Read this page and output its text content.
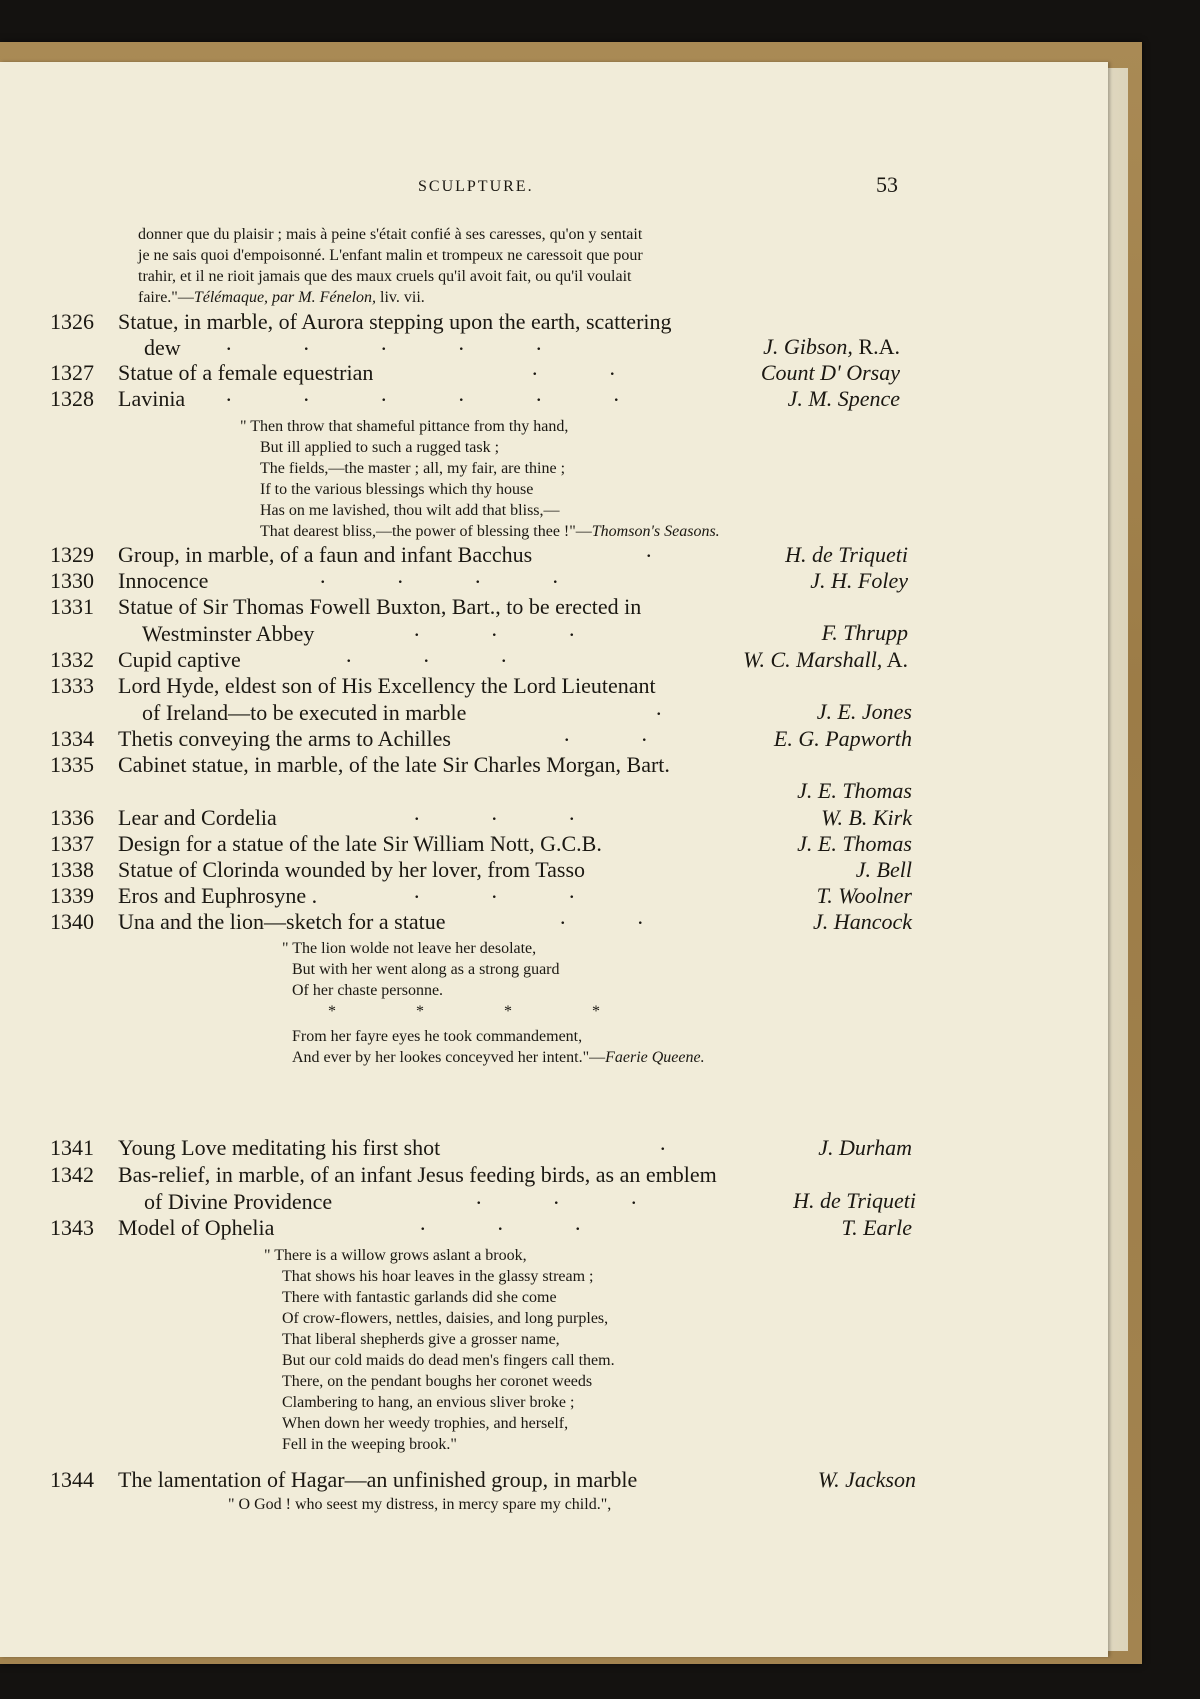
SCULPTURE.	53
donner que du plaisir ; mais à peine s'était confié à ses caresses, qu'on y sentait
je ne sais quoi d'empoisonné. L'enfant malin et trompeux ne caressoit que pour
trahir, et il ne rioit jamais que des maux cruels qu'il avoit fait, ou qu'il voulait
faire."—Télémaque, par M. Fénelon, liv. vii.
1326 Statue, in marble, of Aurora stepping upon the earth, scattering
dew .....	J. Gibson, R.A.
1327 Statue of a female equestrian	..	Count D' Orsay
1328 Lavinia ......	J. M. Spence
" Then throw that shameful pittance from thy hand,
But ill applied to such a rugged task ;
The fields,—the master ; all, my fair, are thine ;
If to the various blessings which thy house
Has on me lavished, thou wilt add that bliss,—
That dearest bliss,—the power of blessing thee !"—Thomson's Seasons.
1329 Group, in marble, of a faun and infant Bacchus	.	H. de Triqueti
1330 Innocence	....	J. H. Foley
1331 Statue of Sir Thomas Fowell Buxton, Bart., to be erected in
Westminster Abbey	...	F. Thrupp
1332 Cupid captive	...	W. C. Marshall, A.
1333 Lord Hyde, eldest son of His Excellency the Lord Lieutenant
of Ireland—to be executed in marble	.	J. E. Jones
1334 Thetis conveying the arms to Achilles	.. E. G. Papworth
1335 Cabinet statue, in marble, of the late Sir Charles Morgan, Bart.
J. E. Thomas
1336 Lear and Cordelia	...	W. B. Kirk
1337 Design for a statue of the late Sir William Nott, G.C.B.	J. E. Thomas
1338 Statue of Clorinda wounded by her lover, from Tasso	J. Bell
1339 Eros and Euphrosyne .	...	T. Woolner
1340 Una and the lion—sketch for a statue	..	J. Hancock
" The lion wolde not leave her desolate,
But with her went along as a strong guard
Of her chaste personne.
*	*	*	*
From her fayre eyes he took commandement,
And ever by her lookes conceyved her intent."—Faerie Queene.
1341 Young Love meditating his first shot	.	J. Durham
1342 Bas-relief, in marble, of an infant Jesus feeding birds, as an emblem
of Divine Providence	...	H. de Triqueti
1343 Model of Ophelia	...	T. Earle
" There is a willow grows aslant a brook,
That shows his hoar leaves in the glassy stream ;
There with fantastic garlands did she come
Of crow-flowers, nettles, daisies, and long purples,
That liberal shepherds give a grosser name,
But our cold maids do dead men's fingers call them.
There, on the pendant boughs her coronet weeds
Clambering to hang, an envious sliver broke ;
When down her weedy trophies, and herself,
Fell in the weeping brook."
1344 The lamentation of Hagar—an unfinished group, in marble	W. Jackson
" O God ! who seest my distress, in mercy spare my child.",
